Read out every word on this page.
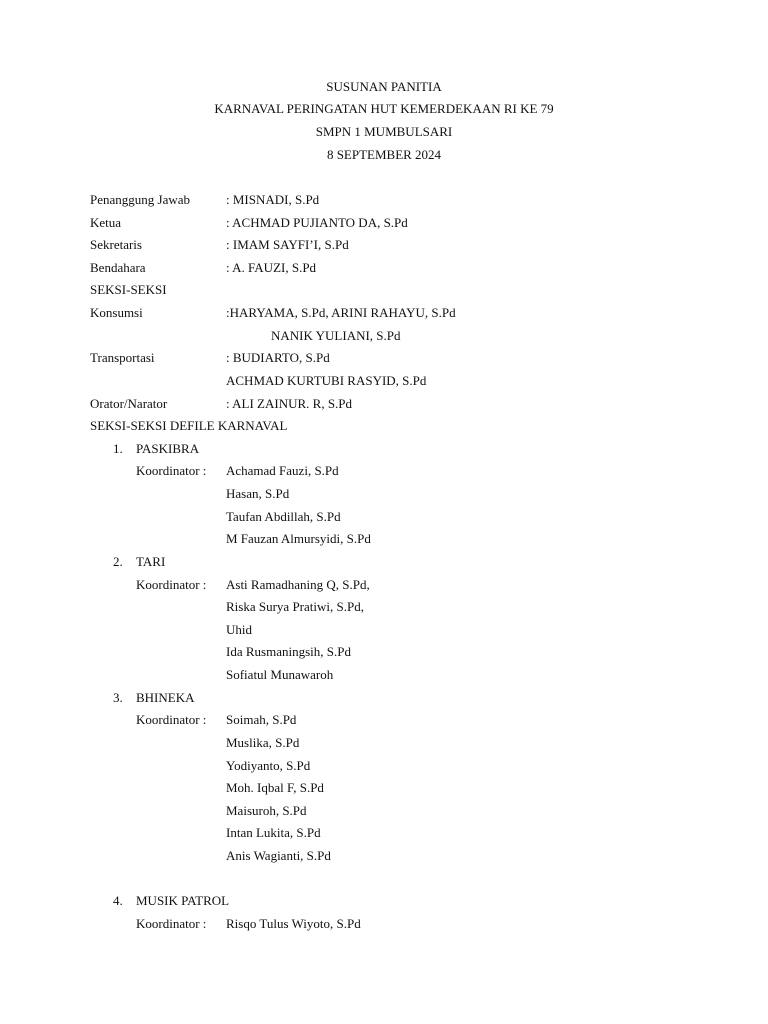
SUSUNAN PANITIA
KARNAVAL PERINGATAN HUT KEMERDEKAAN RI KE 79
SMPN 1 MUMBULSARI
8 SEPTEMBER 2024
Penanggung Jawab	: MISNADI, S.Pd
Ketua	: ACHMAD PUJIANTO DA, S.Pd
Sekretaris	: IMAM SAYFI’I, S.Pd
Bendahara	: A. FAUZI, S.Pd
SEKSI-SEKSI
Konsumsi	:HARYAMA, S.Pd, ARINI RAHAYU, S.Pd
NANIK YULIANI, S.Pd
Transportasi	: BUDIARTO, S.Pd
ACHMAD KURTUBI RASYID, S.Pd
Orator/Narator	: ALI ZAINUR. R, S.Pd
SEKSI-SEKSI DEFILE KARNAVAL
1. PASKIBRA
Koordinator : Achamad Fauzi, S.Pd
Hasan, S.Pd
Taufan Abdillah, S.Pd
M Fauzan Almursyidi, S.Pd
2. TARI
Koordinator : Asti Ramadhaning Q, S.Pd,
Riska Surya Pratiwi, S.Pd,
Uhid
Ida Rusmaningsih, S.Pd
Sofiatul Munawaroh
3. BHINEKA
Koordinator : Soimah, S.Pd
Muslika, S.Pd
Yodiyanto, S.Pd
Moh. Iqbal F, S.Pd
Maisuroh, S.Pd
Intan Lukita, S.Pd
Anis Wagianti, S.Pd
4. MUSIK PATROL
Koordinator : Risqo Tulus Wiyoto, S.Pd
